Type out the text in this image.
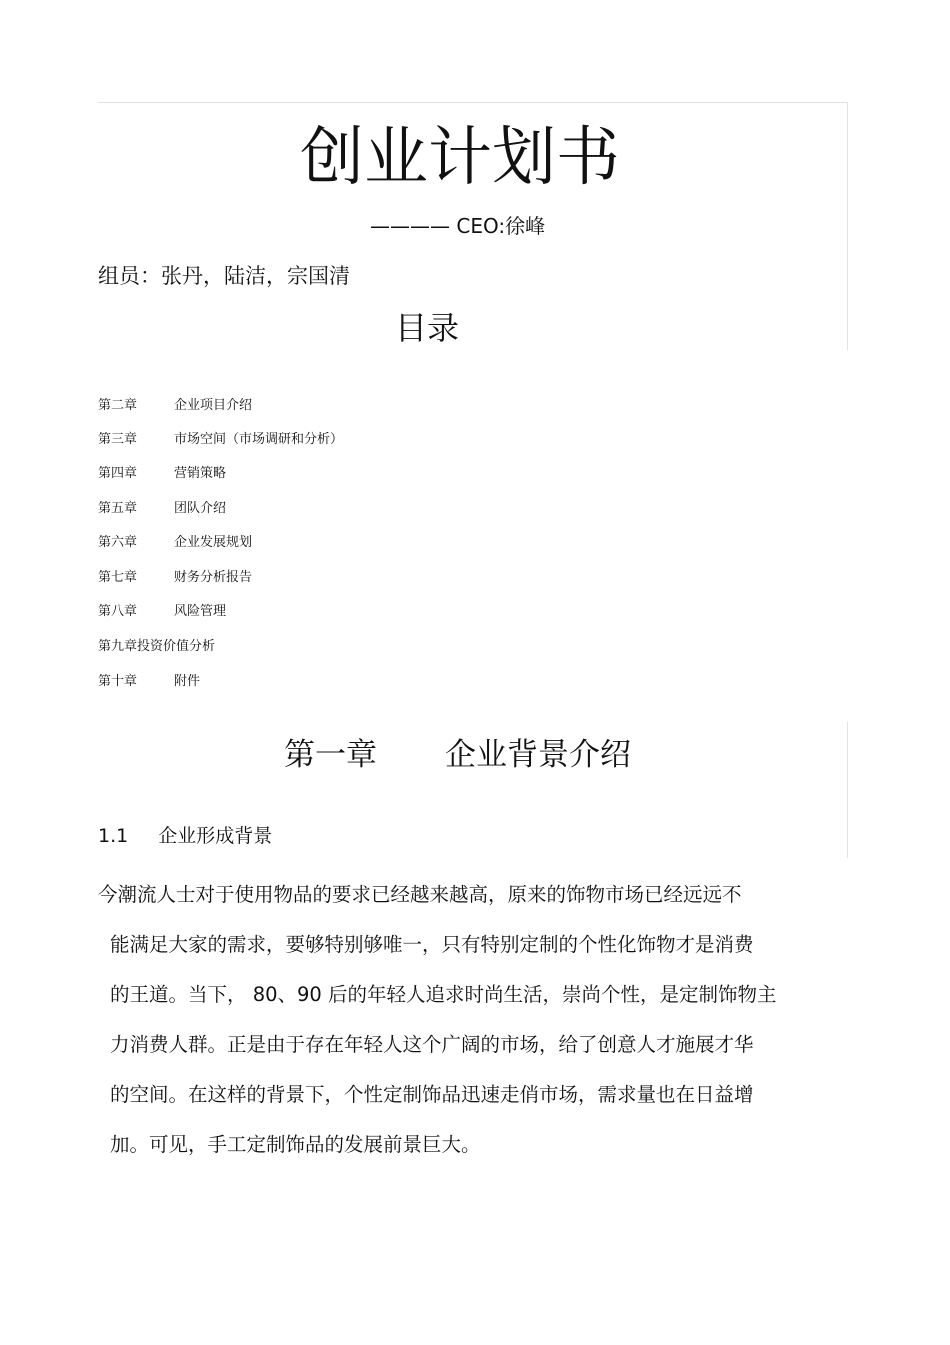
创业计划书
———— CEO:徐峰
组员：张丹，陆洁，宗国清
目录
第二章	企业项目介绍
第三章	市场空间（市场调研和分析）
第四章	营销策略
第五章	团队介绍
第六章	企业发展规划
第七章	财务分析报告
第八章	风险管理
第九章投资价值分析
第十章	附件
第一章 企业背景介绍
1.1 企业形成背景
今潮流人士对于使用物品的要求已经越来越高，原来的饰物市场已经远远不
能满足大家的需求，要够特别够唯一，只有特别定制的个性化饰物才是消费
的王道。当下， 80、90 后的年轻人追求时尚生活，崇尚个性，是定制饰物主
力消费人群。正是由于存在年轻人这个广阔的市场，给了创意人才施展才华
的空间。在这样的背景下，个性定制饰品迅速走俏市场，需求量也在日益增
加。可见，手工定制饰品的发展前景巨大。
